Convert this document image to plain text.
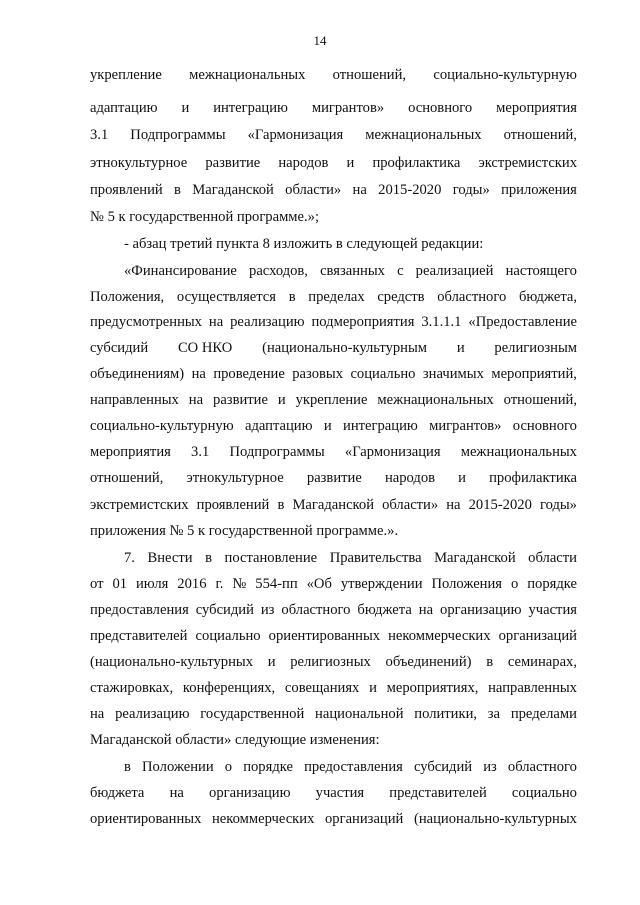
14
укрепление межнациональных отношений, социально-культурную
адаптацию и интеграцию мигрантов» основного мероприятия
3.1 Подпрограммы «Гармонизация межнациональных отношений,
этнокультурное развитие народов и профилактика экстремистских
проявлений в Магаданской области» на 2015-2020 годы» приложения
№ 5 к государственной программе.»;
- абзац третий пункта 8 изложить в следующей редакции:
«Финансирование расходов, связанных с реализацией настоящего
Положения, осуществляется в пределах средств областного бюджета,
предусмотренных на реализацию подмероприятия 3.1.1.1 «Предоставление
субсидий СО НКО (национально-культурным и религиозным
объединениям) на проведение разовых социально значимых мероприятий,
направленных на развитие и укрепление межнациональных отношений,
социально-культурную адаптацию и интеграцию мигрантов» основного
мероприятия 3.1 Подпрограммы «Гармонизация межнациональных
отношений, этнокультурное развитие народов и профилактика
экстремистских проявлений в Магаданской области» на 2015-2020 годы»
приложения № 5 к государственной программе.».
7. Внести в постановление Правительства Магаданской области
от 01 июля 2016 г. № 554-пп «Об утверждении Положения о порядке
предоставления субсидий из областного бюджета на организацию участия
представителей социально ориентированных некоммерческих организаций
(национально-культурных и религиозных объединений) в семинарах,
стажировках, конференциях, совещаниях и мероприятиях, направленных
на реализацию государственной национальной политики, за пределами
Магаданской области» следующие изменения:
в Положении о порядке предоставления субсидий из областного
бюджета на организацию участия представителей социально
ориентированных некоммерческих организаций (национально-культурных
